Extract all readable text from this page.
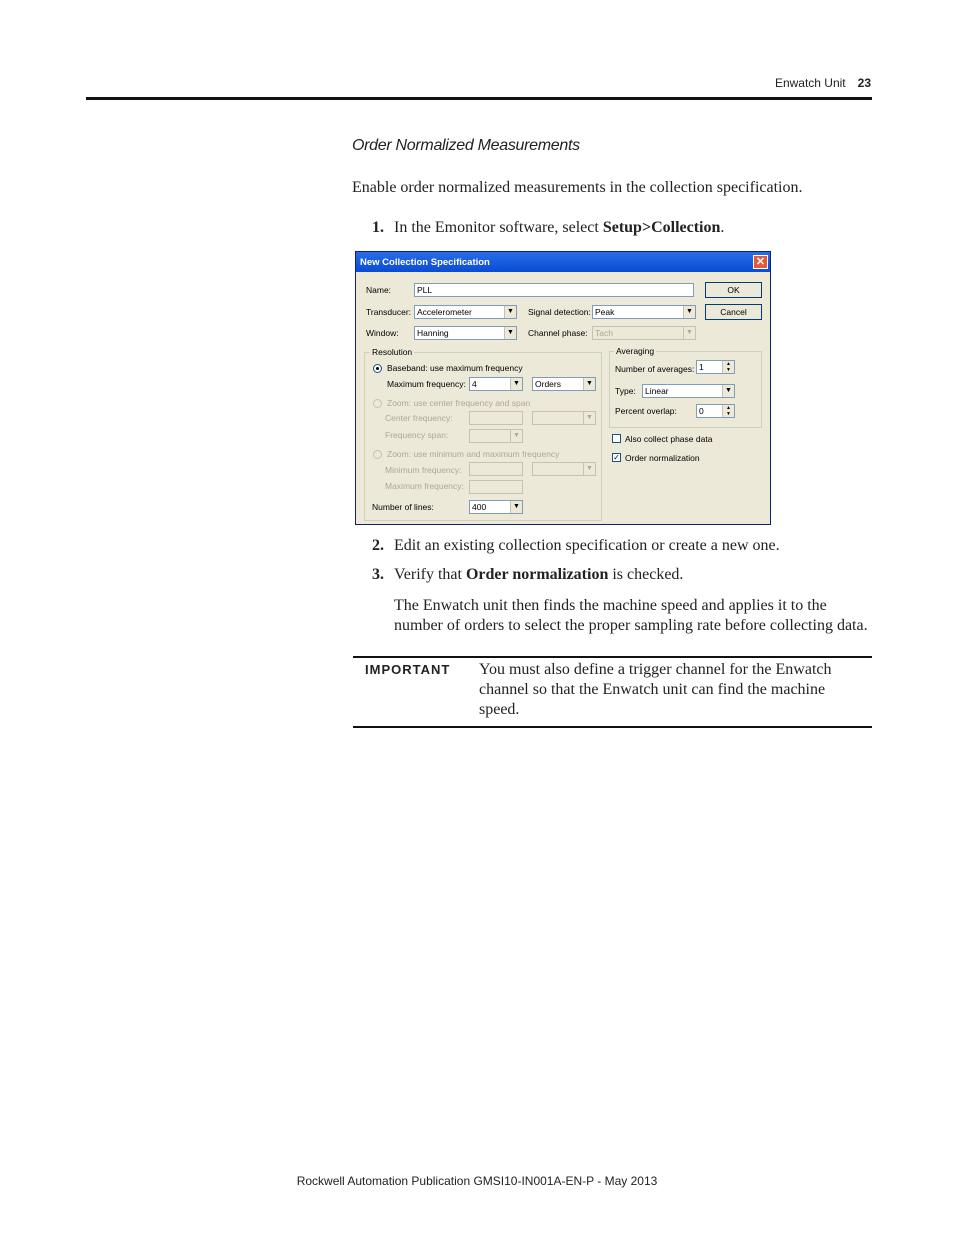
Enwatch Unit 23
Order Normalized Measurements
Enable order normalized measurements in the collection specification.
1. In the Emonitor software, select Setup>Collection.
New Collection Specification	✕
Name:	PLL	OK
Cancel
Transducer: Accelerometer	▼ Signal detection: Peak	▼
Window:	Hanning	▼ Channel phase: Tach	▼
Resolution
Baseband: use maximum frequency
Maximum frequency: 4	▼	Orders	▼
Zoom: use center frequency and span
Center frequency:	▼
Frequency span:	▼
Zoom: use minimum and maximum frequency
Minimum frequency:	▼
Maximum frequency:
Number of lines:	400	▼
Averaging
Number of averages: 1	▲
▼
Type:	Linear	▼
Percent overlap:	0	▲
▼
Also collect phase data
✓ Order normalization
2. Edit an existing collection specification or create a new one.
3. Verify that Order normalization is checked.
The Enwatch unit then finds the machine speed and applies it to the number of orders to select the proper sampling rate before collecting data.
IMPORTANT You must also define a trigger channel for the Enwatch channel so that the Enwatch unit can find the machine speed.
Rockwell Automation Publication GMSI10-IN001A-EN-P - May 2013
